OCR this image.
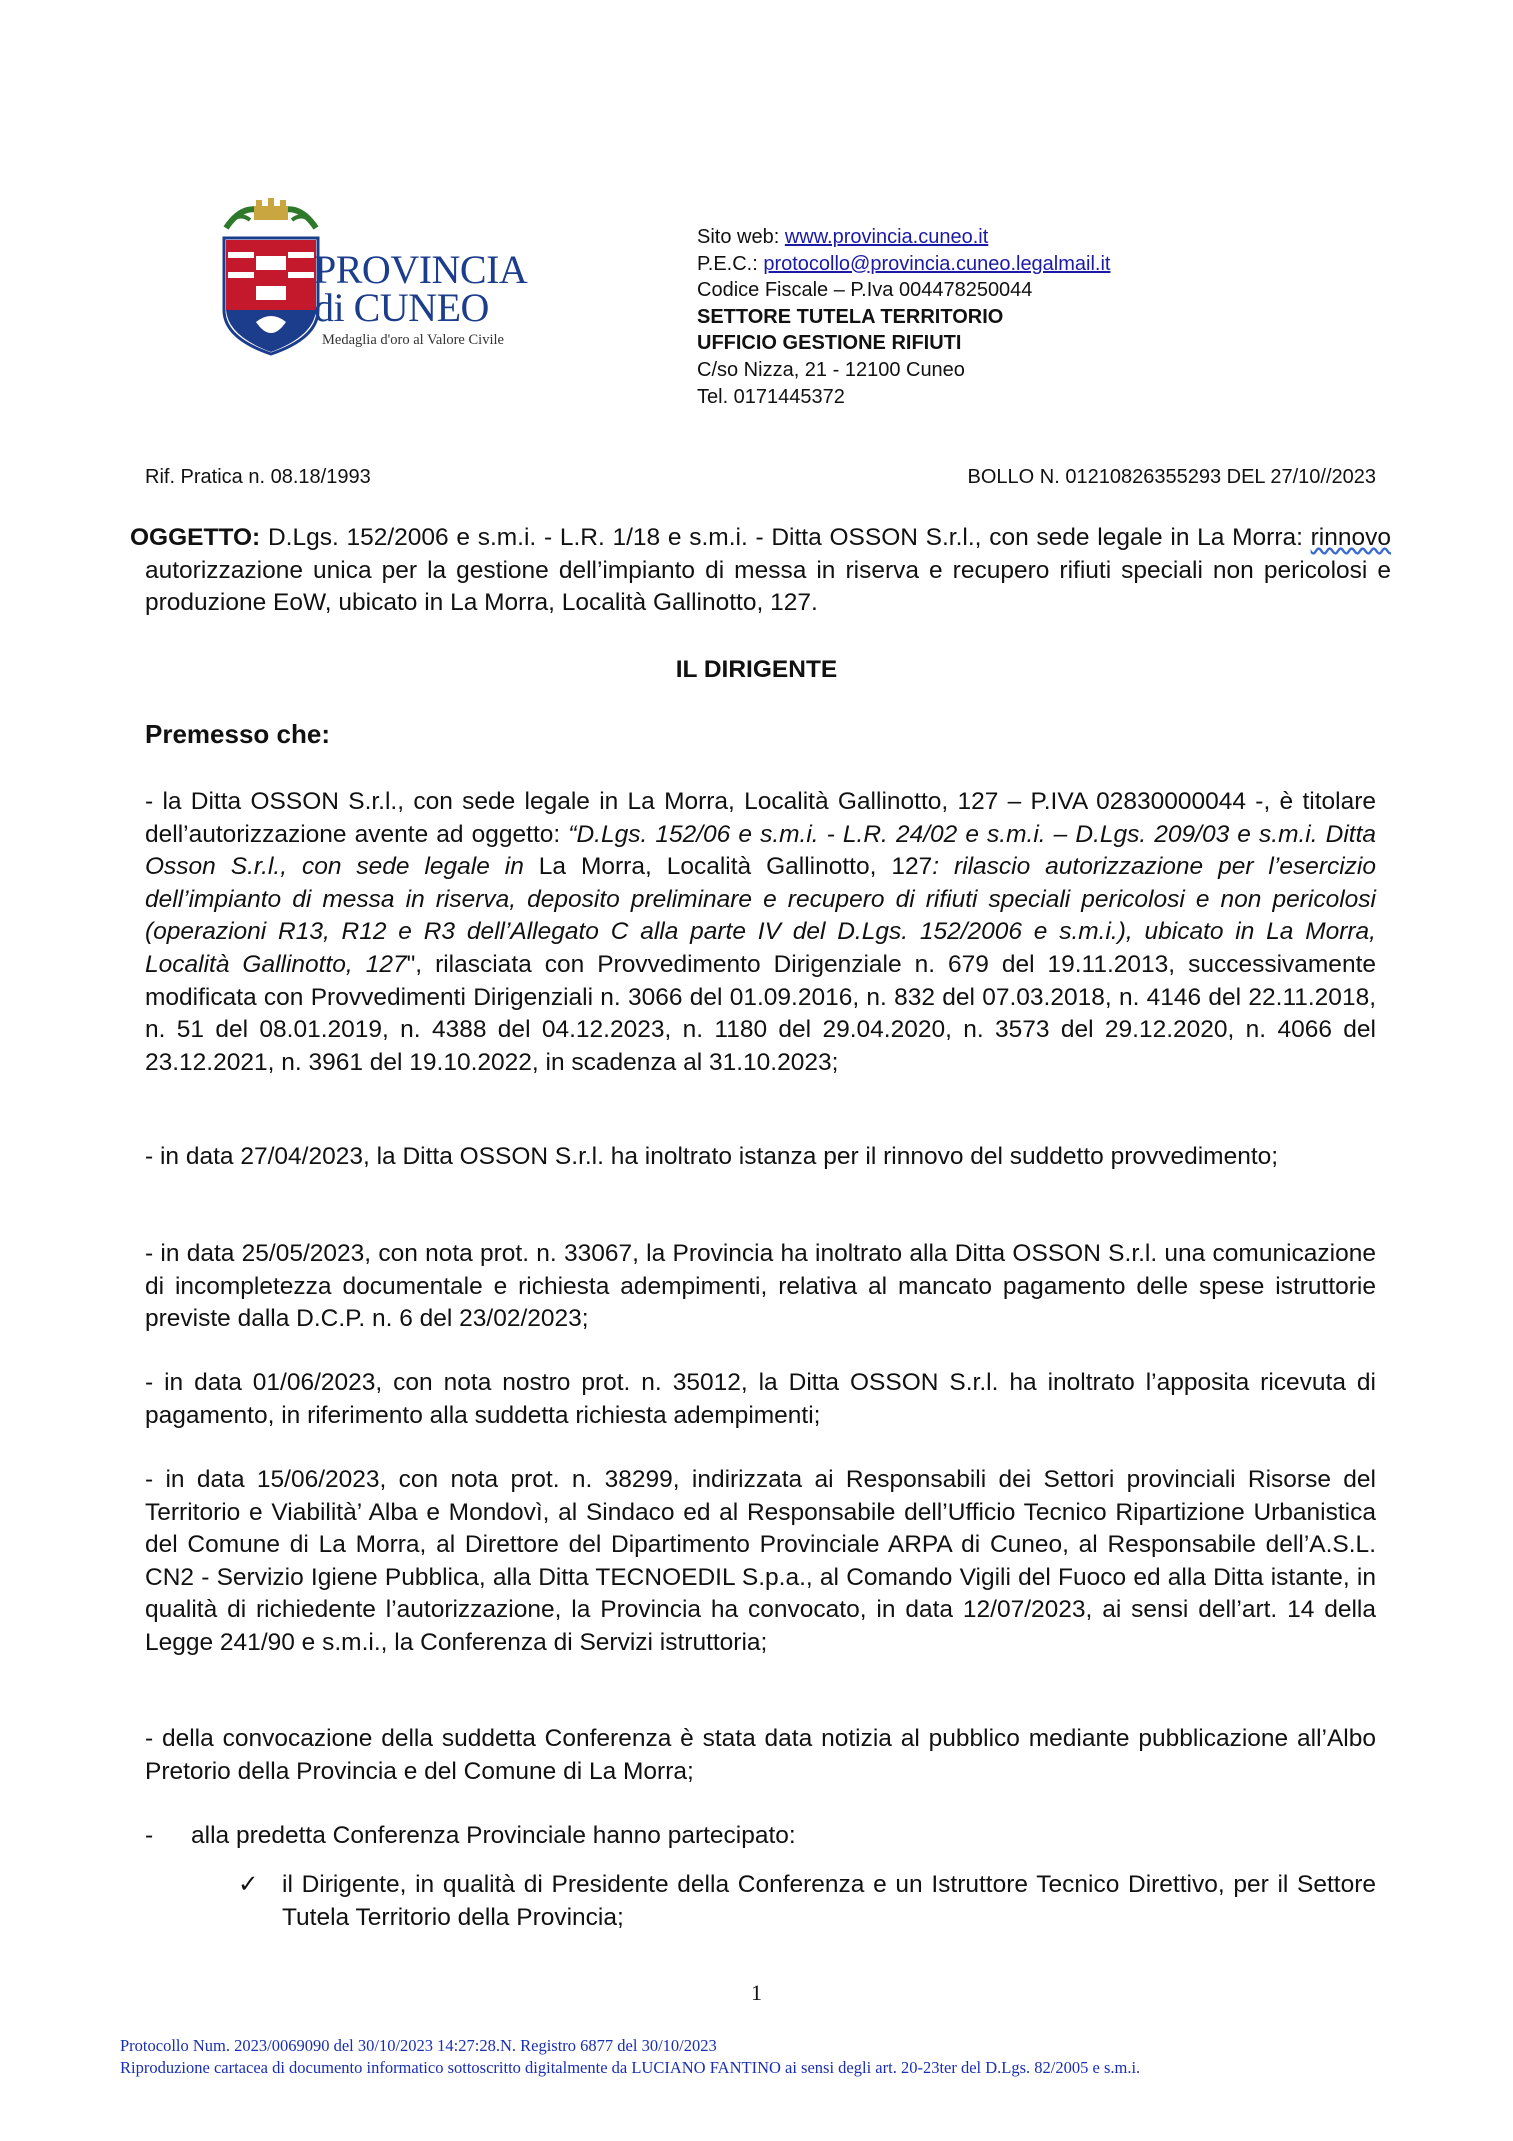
PROVINCIA
di CUNEO
Medaglia d'oro al Valore Civile
Sito web: www.provincia.cuneo.it
P.E.C.: protocollo@provincia.cuneo.legalmail.it
Codice Fiscale – P.Iva 004478250044
SETTORE TUTELA TERRITORIO
UFFICIO GESTIONE RIFIUTI
C/so Nizza, 21 - 12100 Cuneo
Tel. 0171445372
Rif. Pratica n. 08.18/1993	BOLLO N. 01210826355293 DEL 27/10//2023
OGGETTO: D.Lgs. 152/2006 e s.m.i. - L.R. 1/18 e s.m.i. - Ditta OSSON S.r.l., con sede legale in La Morra: rinnovo autorizzazione unica per la gestione dell’impianto di messa in riserva e recupero rifiuti speciali non pericolosi e produzione EoW, ubicato in La Morra, Località Gallinotto, 127.
IL DIRIGENTE
Premesso che:
- la Ditta OSSON S.r.l., con sede legale in La Morra, Località Gallinotto, 127 – P.IVA 02830000044 -, è titolare dell’autorizzazione avente ad oggetto: “D.Lgs. 152/06 e s.m.i. - L.R. 24/02 e s.m.i. – D.Lgs. 209/03 e s.m.i. Ditta Osson S.r.l., con sede legale in La Morra, Località Gallinotto, 127: rilascio autorizzazione per l’esercizio dell’impianto di messa in riserva, deposito preliminare e recupero di rifiuti speciali pericolosi e non pericolosi (operazioni R13, R12 e R3 dell’Allegato C alla parte IV del D.Lgs. 152/2006 e s.m.i.), ubicato in La Morra, Località Gallinotto, 127", rilasciata con Provvedimento Dirigenziale n. 679 del 19.11.2013, successivamente modificata con Provvedimenti Dirigenziali n. 3066 del 01.09.2016, n. 832 del 07.03.2018, n. 4146 del 22.11.2018, n. 51 del 08.01.2019, n. 4388 del 04.12.2023, n. 1180 del 29.04.2020, n. 3573 del 29.12.2020, n. 4066 del 23.12.2021, n. 3961 del 19.10.2022, in scadenza al 31.10.2023;
- in data 27/04/2023, la Ditta OSSON S.r.l. ha inoltrato istanza per il rinnovo del suddetto provvedimento;
- in data 25/05/2023, con nota prot. n. 33067, la Provincia ha inoltrato alla Ditta OSSON S.r.l. una comunicazione di incompletezza documentale e richiesta adempimenti, relativa al mancato pagamento delle spese istruttorie previste dalla D.C.P. n. 6 del 23/02/2023;
- in data 01/06/2023, con nota nostro prot. n. 35012, la Ditta OSSON S.r.l. ha inoltrato l’apposita ricevuta di pagamento, in riferimento alla suddetta richiesta adempimenti;
- in data 15/06/2023, con nota prot. n. 38299, indirizzata ai Responsabili dei Settori provinciali Risorse del Territorio e Viabilità’ Alba e Mondovì, al Sindaco ed al Responsabile dell’Ufficio Tecnico Ripartizione Urbanistica del Comune di La Morra, al Direttore del Dipartimento Provinciale ARPA di Cuneo, al Responsabile dell’A.S.L. CN2 - Servizio Igiene Pubblica, alla Ditta TECNOEDIL S.p.a., al Comando Vigili del Fuoco ed alla Ditta istante, in qualità di richiedente l’autorizzazione, la Provincia ha convocato, in data 12/07/2023, ai sensi dell’art. 14 della Legge 241/90 e s.m.i., la Conferenza di Servizi istruttoria;
- della convocazione della suddetta Conferenza è stata data notizia al pubblico mediante pubblicazione all’Albo Pretorio della Provincia e del Comune di La Morra;
- alla predetta Conferenza Provinciale hanno partecipato:
✓ il Dirigente, in qualità di Presidente della Conferenza e un Istruttore Tecnico Direttivo, per il Settore Tutela Territorio della Provincia;
1
Protocollo Num. 2023/0069090 del 30/10/2023 14:27:28.N. Registro 6877 del 30/10/2023
Riproduzione cartacea di documento informatico sottoscritto digitalmente da LUCIANO FANTINO ai sensi degli art. 20-23ter del D.Lgs. 82/2005 e s.m.i.
